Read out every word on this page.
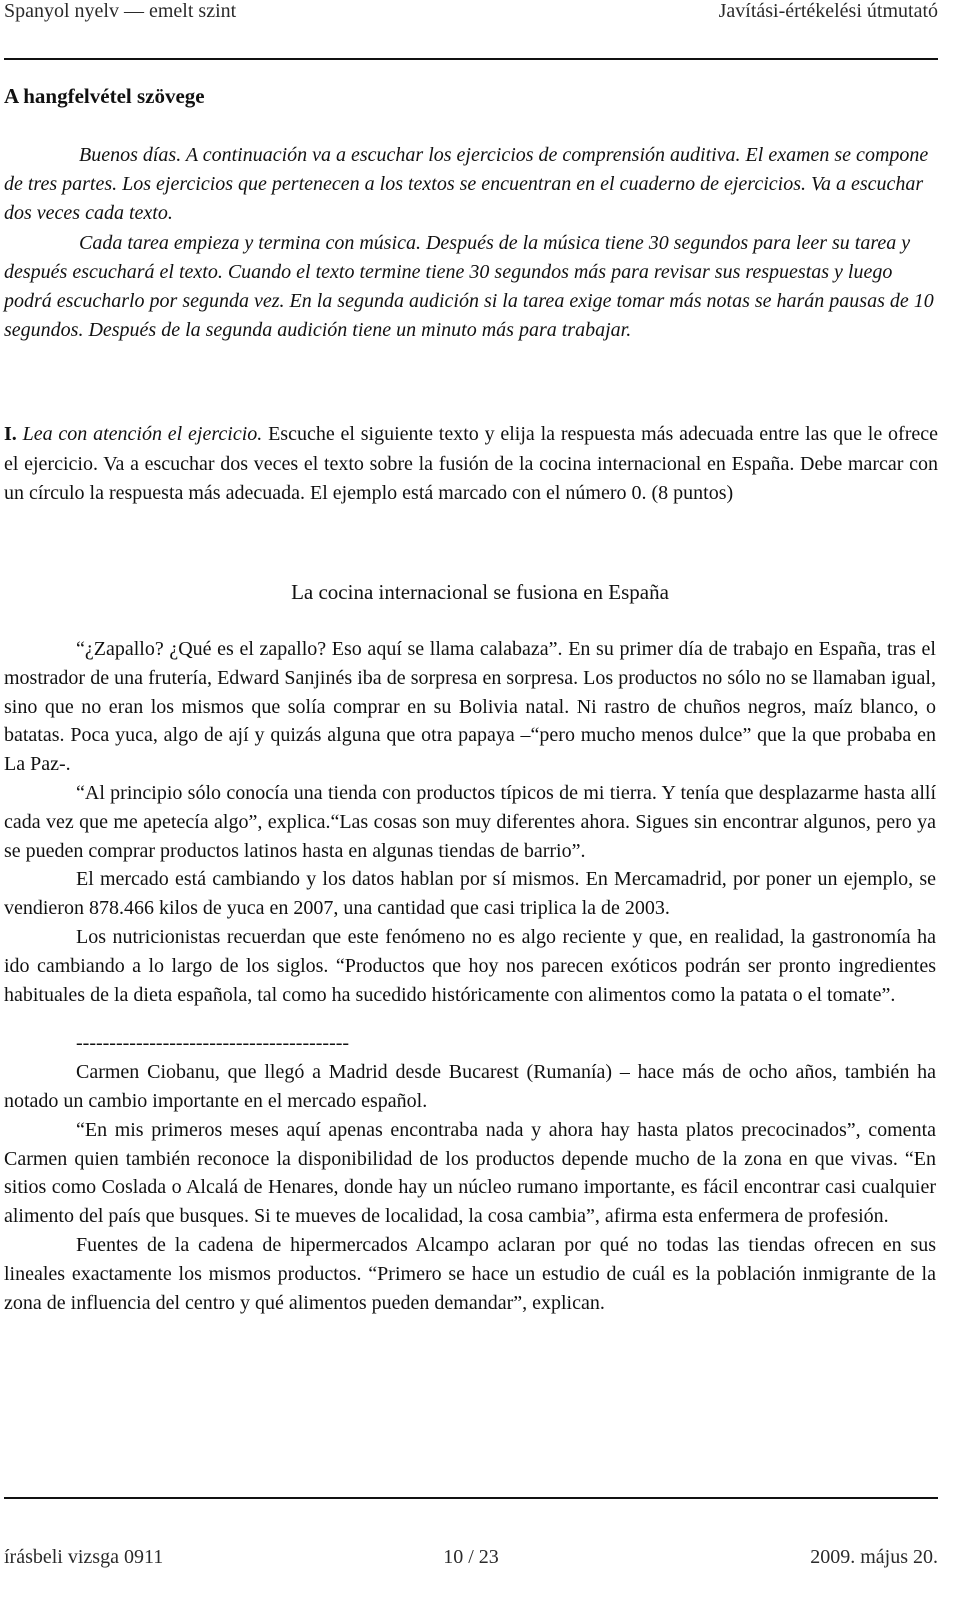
Spanyol nyelv — emelt szint	Javítási-értékelési útmutató
A hangfelvétel szövege

Buenos días. A continuación va a escuchar los ejercicios de comprensión auditiva. El examen se compone de tres partes. Los ejercicios que pertenecen a los textos se encuentran en el cuaderno de ejercicios. Va a escuchar dos veces cada texto.

Cada tarea empieza y termina con música. Después de la música tiene 30 segundos para leer su tarea y después escuchará el texto. Cuando el texto termine tiene 30 segundos más para revisar sus respuestas y luego podrá escucharlo por segunda vez. En la segunda audición si la tarea exige tomar más notas se harán pausas de 10 segundos. Después de la segunda audición tiene un minuto más para trabajar.

I. Lea con atención el ejercicio. Escuche el siguiente texto y elija la respuesta más adecuada entre las que le ofrece el ejercicio. Va a escuchar dos veces el texto sobre la fusión de la cocina internacional en España. Debe marcar con un círculo la respuesta más adecuada. El ejemplo está marcado con el número 0. (8 puntos)

La cocina internacional se fusiona en España

“¿Zapallo? ¿Qué es el zapallo? Eso aquí se llama calabaza”. En su primer día de trabajo en España, tras el mostrador de una frutería, Edward Sanjinés iba de sorpresa en sorpresa. Los productos no sólo no se llamaban igual, sino que no eran los mismos que solía comprar en su Bolivia natal. Ni rastro de chuños negros, maíz blanco, o batatas. Poca yuca, algo de ají y quizás alguna que otra papaya –“pero mucho menos dulce” que la que probaba en La Paz-.

“Al principio sólo conocía una tienda con productos típicos de mi tierra. Y tenía que desplazarme hasta allí cada vez que me apetecía algo”, explica.“Las cosas son muy diferentes ahora. Sigues sin encontrar algunos, pero ya se pueden comprar productos latinos hasta en algunas tiendas de barrio”.

El mercado está cambiando y los datos hablan por sí mismos. En Mercamadrid, por poner un ejemplo, se vendieron 878.466 kilos de yuca en 2007, una cantidad que casi triplica la de 2003.

Los nutricionistas recuerdan que este fenómeno no es algo reciente y que, en realidad, la gastronomía ha ido cambiando a lo largo de los siglos. “Productos que hoy nos parecen exóticos podrán ser pronto ingredientes habituales de la dieta española, tal como ha sucedido históricamente con alimentos como la patata o el tomate”.

-----------------------------------------

Carmen Ciobanu, que llegó a Madrid desde Bucarest (Rumanía) – hace más de ocho años, también ha notado un cambio importante en el mercado español.

“En mis primeros meses aquí apenas encontraba nada y ahora hay hasta platos precocinados”, comenta Carmen quien también reconoce la disponibilidad de los productos depende mucho de la zona en que vivas. “En sitios como Coslada o Alcalá de Henares, donde hay un núcleo rumano importante, es fácil encontrar casi cualquier alimento del país que busques. Si te mueves de localidad, la cosa cambia”, afirma esta enfermera de profesión.

Fuentes de la cadena de hipermercados Alcampo aclaran por qué no todas las tiendas ofrecen en sus lineales exactamente los mismos productos. “Primero se hace un estudio de cuál es la población inmigrante de la zona de influencia del centro y qué alimentos pueden demandar”, explican.

írásbeli vizsga 0911	10 / 23	2009. május 20.
